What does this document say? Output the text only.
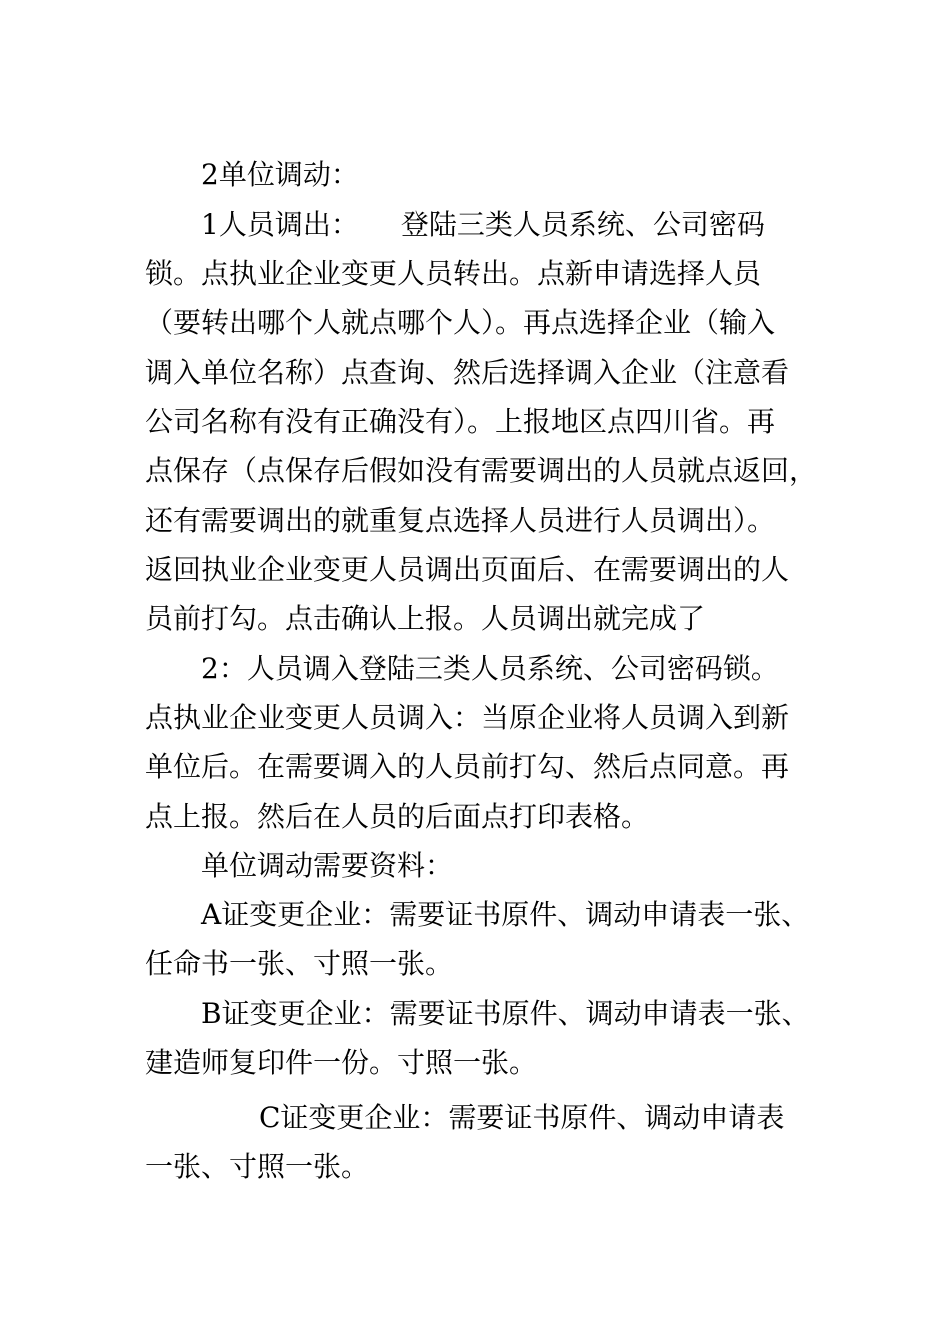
2单位调动：
1人员调出：　　登陆三类人员系统、公司密码
锁。点执业企业变更人员转出。点新申请选择人员
（要转出哪个人就点哪个人）。再点选择企业（输入
调入单位名称）点查询、然后选择调入企业（注意看
公司名称有没有正确没有）。上报地区点四川省。再
点保存（点保存后假如没有需要调出的人员就点返回，
还有需要调出的就重复点选择人员进行人员调出）。
返回执业企业变更人员调出页面后、在需要调出的人
员前打勾。点击确认上报。人员调出就完成了
2：人员调入登陆三类人员系统、公司密码锁。
点执业企业变更人员调入：当原企业将人员调入到新
单位后。在需要调入的人员前打勾、然后点同意。再
点上报。然后在人员的后面点打印表格。
单位调动需要资料：
A证变更企业：需要证书原件、调动申请表一张、
任命书一张、寸照一张。
B证变更企业：需要证书原件、调动申请表一张、
建造师复印件一份。寸照一张。
C证变更企业：需要证书原件、调动申请表
一张、寸照一张。
